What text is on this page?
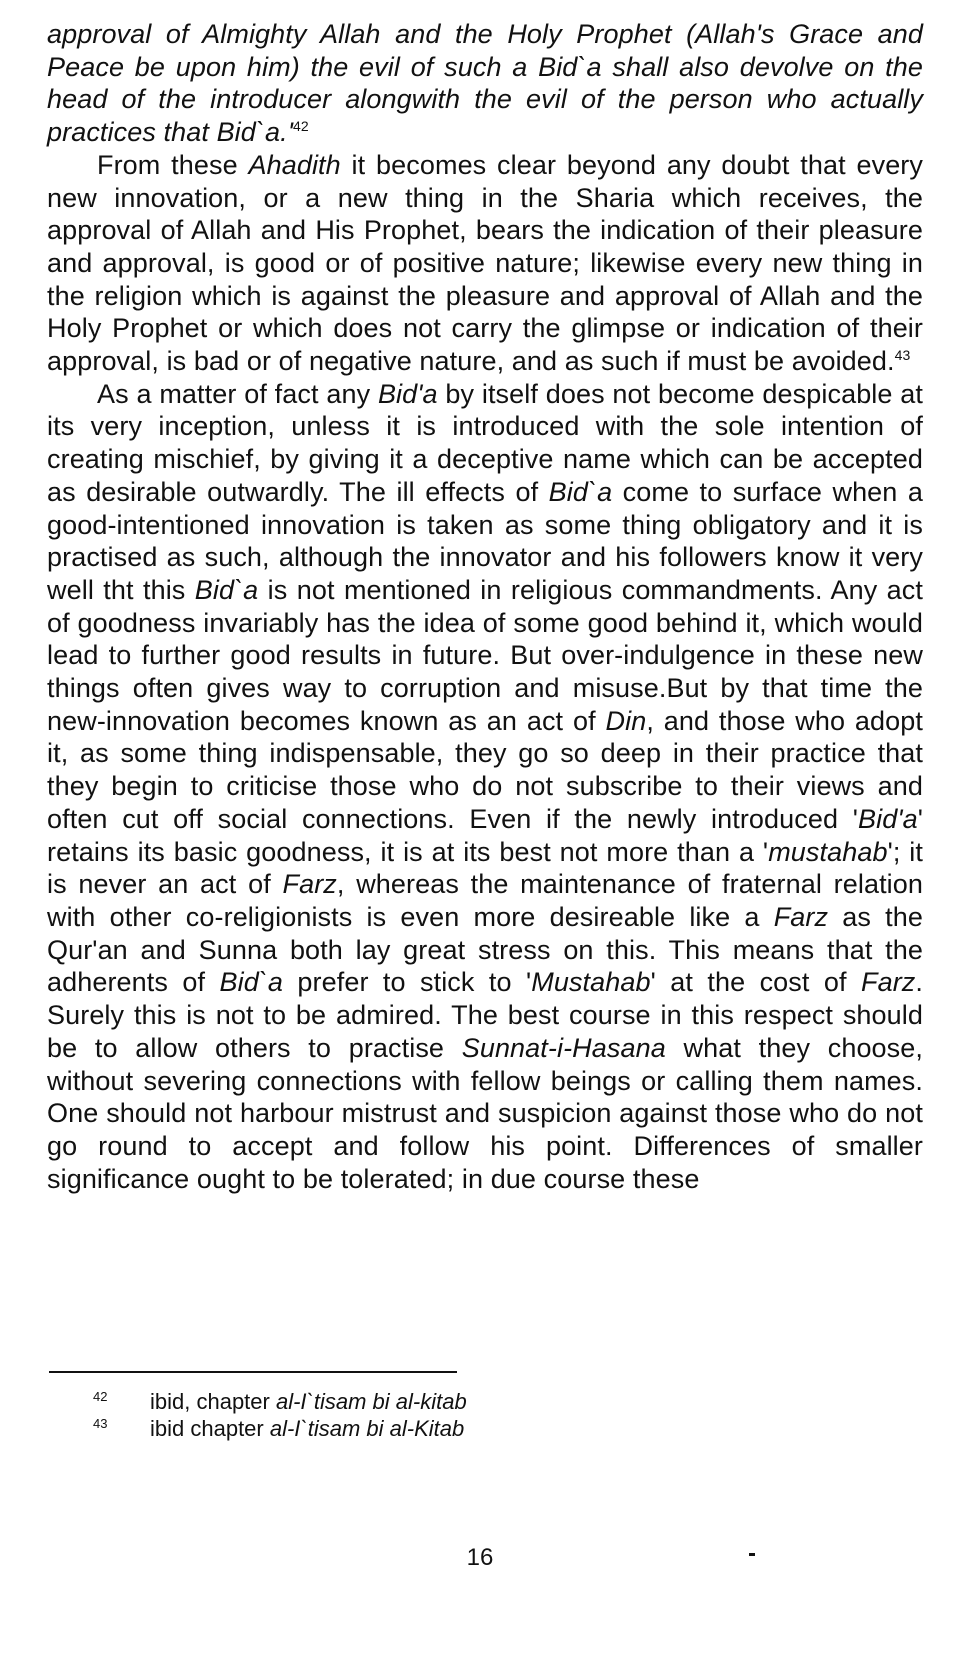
approval of Almighty Allah and the Holy Prophet (Allah's Grace and Peace be upon him) the evil of such a Bid`a shall also devolve on the head of the introducer alongwith the evil of the person who actually practices that Bid`a.'$^{42}$

From these Ahadith it becomes clear beyond any doubt that every new innovation, or a new thing in the Sharia which receives, the approval of Allah and His Prophet, bears the indication of their pleasure and approval, is good or of positive nature; likewise every new thing in the religion which is against the pleasure and approval of Allah and the Holy Prophet or which does not carry the glimpse or indication of their approval, is bad or of negative nature, and as such if must be avoided.$^{43}$

As a matter of fact any Bid'a by itself does not become despicable at its very inception, unless it is introduced with the sole intention of creating mischief, by giving it a deceptive name which can be accepted as desirable outwardly. The ill effects of Bid`a come to surface when a good-intentioned innovation is taken as some thing obligatory and it is practised as such, although the innovator and his followers know it very well tht this Bid`a is not mentioned in religious commandments. Any act of goodness invariably has the idea of some good behind it, which would lead to further good results in future. But over-indulgence in these new things often gives way to corruption and misuse.But by that time the new-innovation becomes known as an act of Din, and those who adopt it, as some thing indispensable, they go so deep in their practice that they begin to criticise those who do not subscribe to their views and often cut off social connections. Even if the newly introduced 'Bid'a' retains its basic goodness, it is at its best not more than a 'mustahab'; it is never an act of Farz, whereas the maintenance of fraternal relation with other co-religionists is even more desireable like a Farz as the Qur'an and Sunna both lay great stress on this. This means that the adherents of Bid`a prefer to stick to 'Mustahab' at the cost of Farz. Surely this is not to be admired. The best course in this respect should be to allow others to practise Sunnat-i-Hasana what they choose, without severing connections with fellow beings or calling them names. One should not harbour mistrust and suspicion against those who do not go round to accept and follow his point. Differences of smaller significance ought to be tolerated; in due course these

42	ibid, chapter al-I`tisam bi al-kitab
43	ibid chapter al-I`tisam bi al-Kitab
16
